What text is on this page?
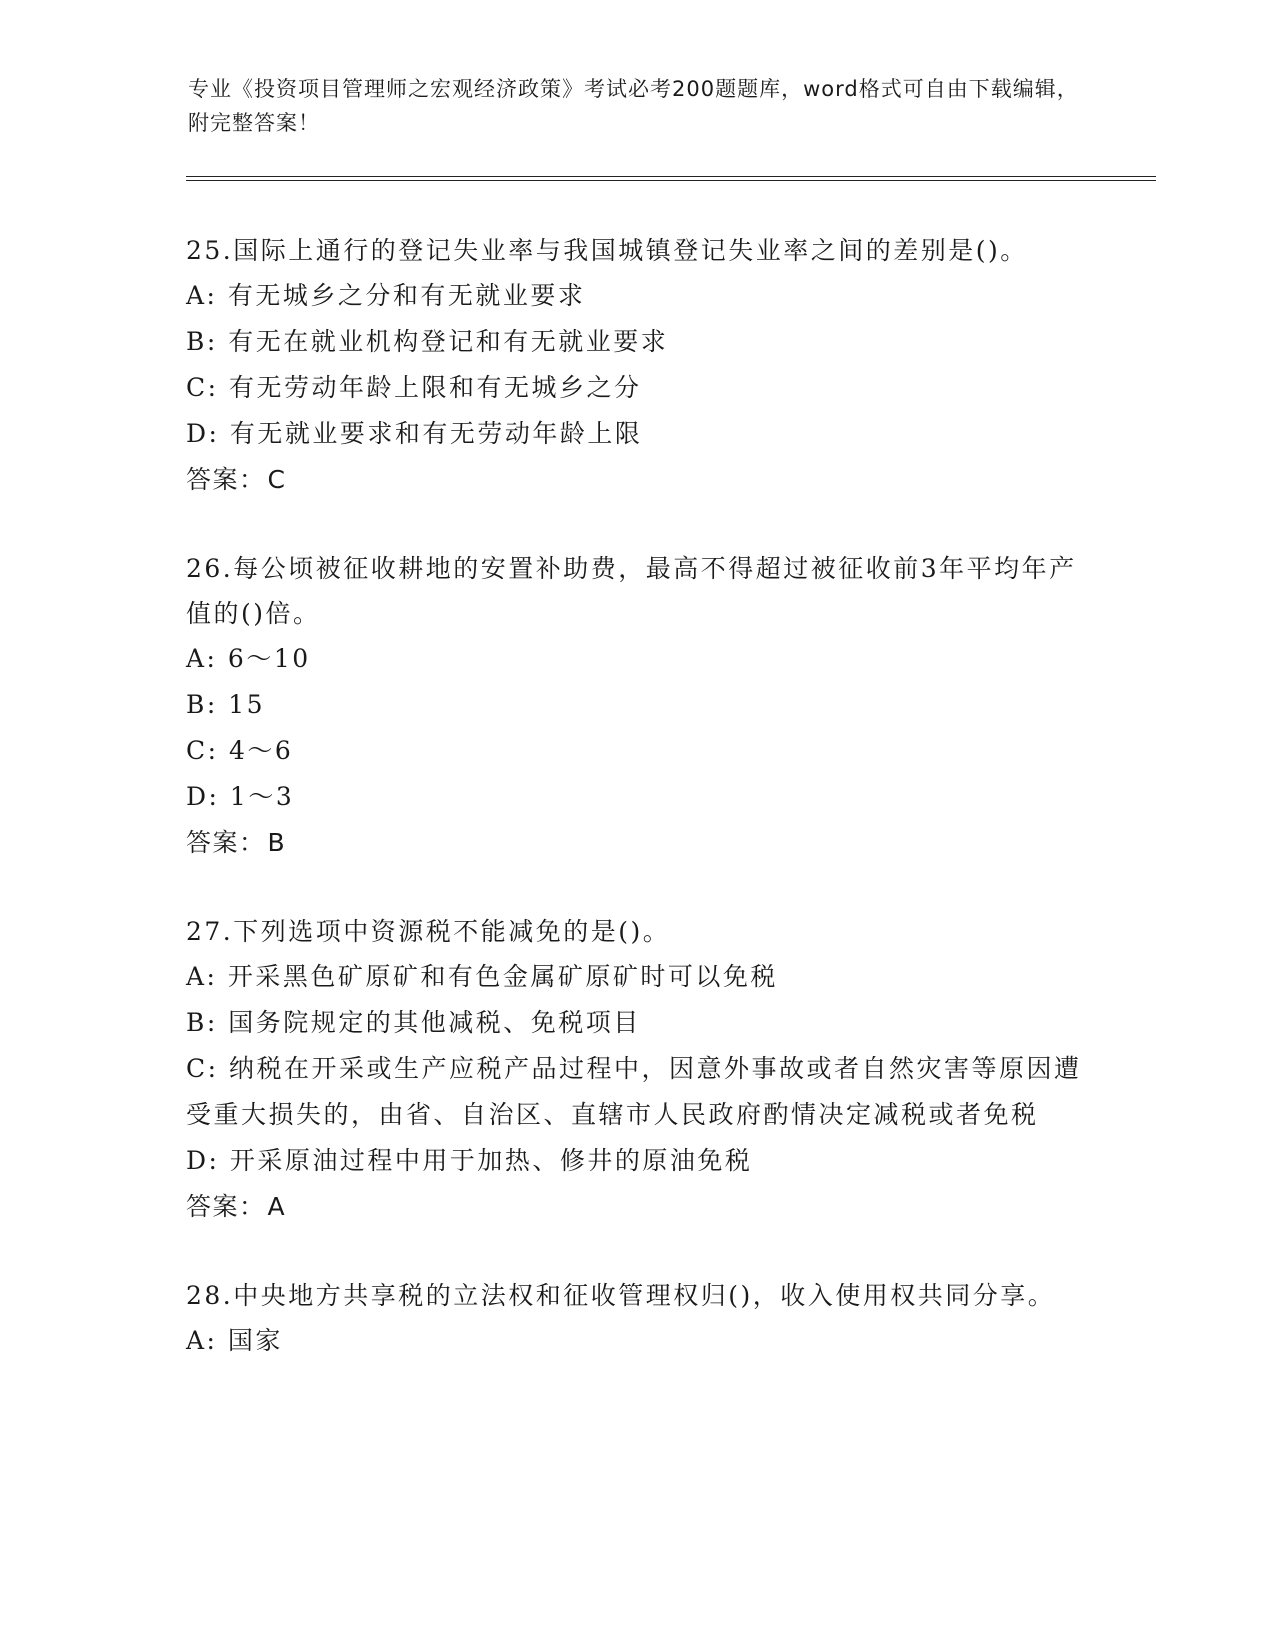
专业《投资项目管理师之宏观经济政策》考试必考200题题库，word格式可自由下载编辑，附完整答案！
25.国际上通行的登记失业率与我国城镇登记失业率之间的差别是()。
A: 有无城乡之分和有无就业要求
B: 有无在就业机构登记和有无就业要求
C: 有无劳动年龄上限和有无城乡之分
D: 有无就业要求和有无劳动年龄上限
答案：C
26.每公顷被征收耕地的安置补助费，最高不得超过被征收前3年平均年产值的()倍。
A: 6～10
B: 15
C: 4～6
D: 1～3
答案：B
27.下列选项中资源税不能减免的是()。
A: 开采黑色矿原矿和有色金属矿原矿时可以免税
B: 国务院规定的其他减税、免税项目
C: 纳税在开采或生产应税产品过程中，因意外事故或者自然灾害等原因遭受重大损失的，由省、自治区、直辖市人民政府酌情决定减税或者免税
D: 开采原油过程中用于加热、修井的原油免税
答案：A
28.中央地方共享税的立法权和征收管理权归()，收入使用权共同分享。
A: 国家
